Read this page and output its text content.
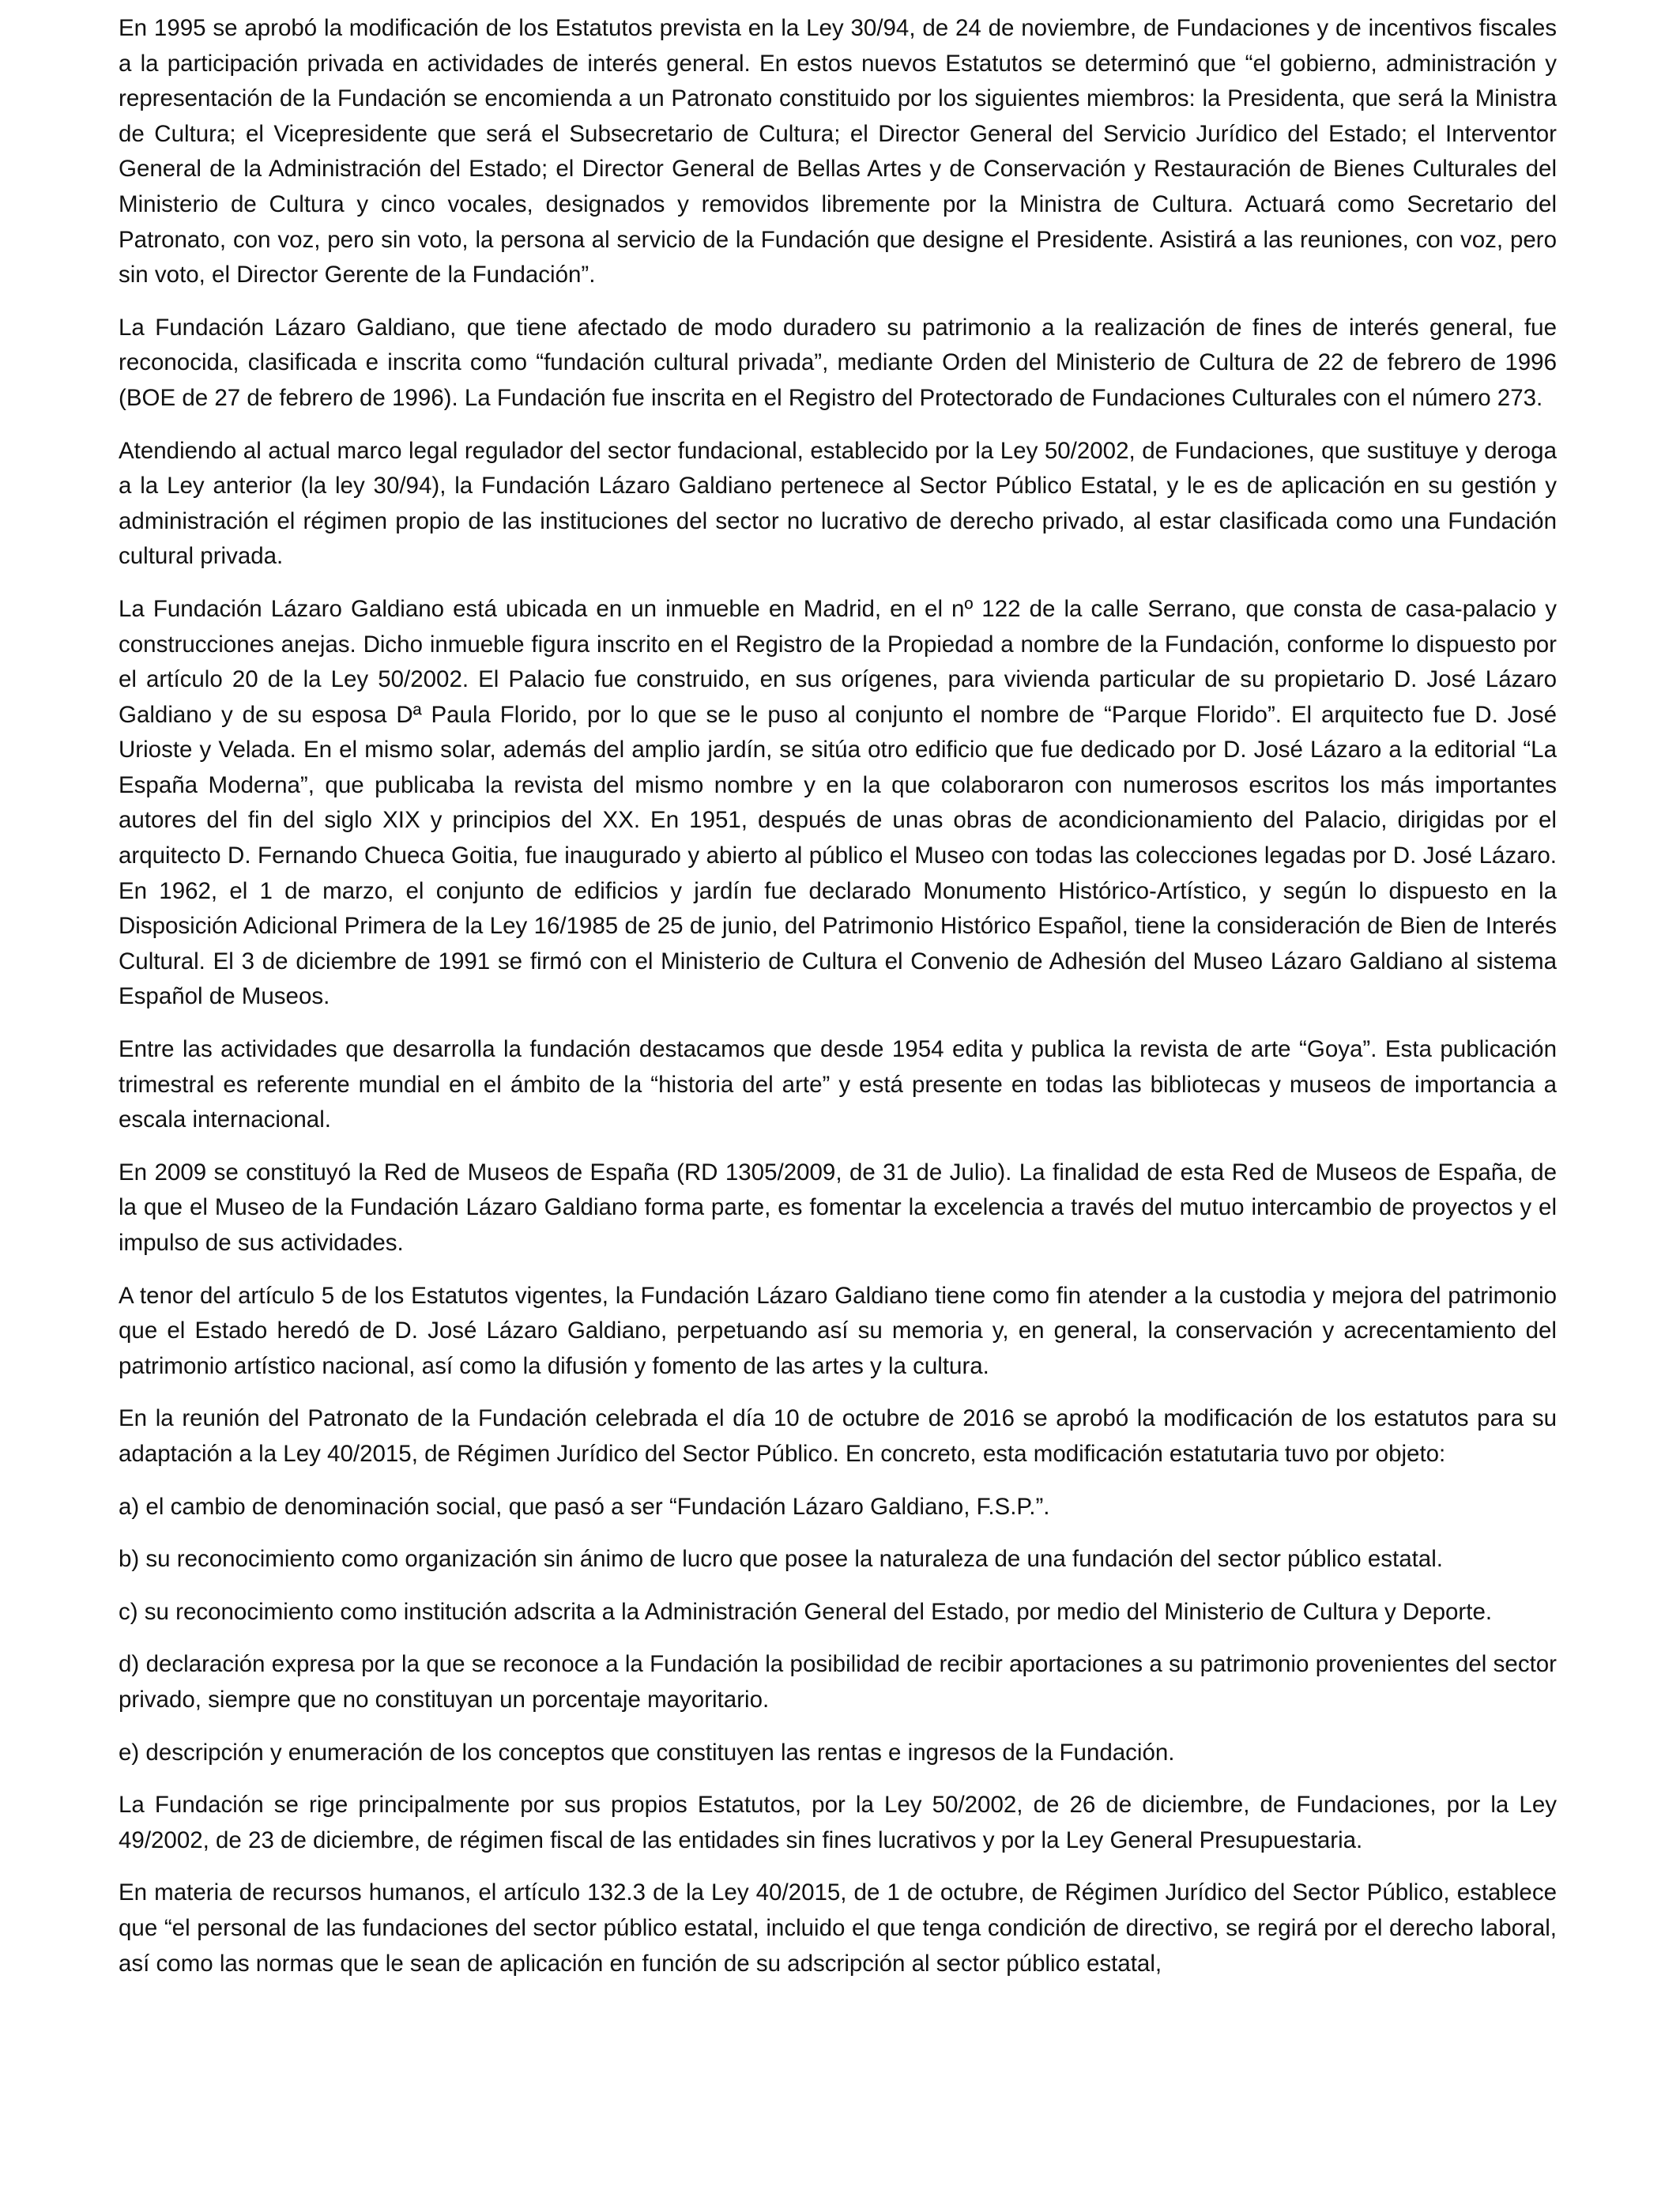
En 1995 se aprobó la modificación de los Estatutos prevista en la Ley 30/94, de 24 de noviembre, de Fundaciones y de incentivos fiscales a la participación privada en actividades de interés general. En estos nuevos Estatutos se determinó que “el gobierno, administración y representación de la Fundación se encomienda a un Patronato constituido por los siguientes miembros: la Presidenta, que será la Ministra de Cultura; el Vicepresidente que será el Subsecretario de Cultura; el Director General del Servicio Jurídico del Estado; el Interventor General de la Administración del Estado; el Director General de Bellas Artes y de Conservación y Restauración de Bienes Culturales del Ministerio de Cultura y cinco vocales, designados y removidos libremente por la Ministra de Cultura. Actuará como Secretario del Patronato, con voz, pero sin voto, la persona al servicio de la Fundación que designe el Presidente. Asistirá a las reuniones, con voz, pero sin voto, el Director Gerente de la Fundación”.

La Fundación Lázaro Galdiano, que tiene afectado de modo duradero su patrimonio a la realización de fines de interés general, fue reconocida, clasificada e inscrita como “fundación cultural privada”, mediante Orden del Ministerio de Cultura de 22 de febrero de 1996 (BOE de 27 de febrero de 1996). La Fundación fue inscrita en el Registro del Protectorado de Fundaciones Culturales con el número 273.

Atendiendo al actual marco legal regulador del sector fundacional, establecido por la Ley 50/2002, de Fundaciones, que sustituye y deroga a la Ley anterior (la ley 30/94), la Fundación Lázaro Galdiano pertenece al Sector Público Estatal, y le es de aplicación en su gestión y administración el régimen propio de las instituciones del sector no lucrativo de derecho privado, al estar clasificada como una Fundación cultural privada.

La Fundación Lázaro Galdiano está ubicada en un inmueble en Madrid, en el nº 122 de la calle Serrano, que consta de casa-palacio y construcciones anejas. Dicho inmueble figura inscrito en el Registro de la Propiedad a nombre de la Fundación, conforme lo dispuesto por el artículo 20 de la Ley 50/2002. El Palacio fue construido, en sus orígenes, para vivienda particular de su propietario D. José Lázaro Galdiano y de su esposa Dª Paula Florido, por lo que se le puso al conjunto el nombre de “Parque Florido”. El arquitecto fue D. José Urioste y Velada. En el mismo solar, además del amplio jardín, se sitúa otro edificio que fue dedicado por D. José Lázaro a la editorial “La España Moderna”, que publicaba la revista del mismo nombre y en la que colaboraron con numerosos escritos los más importantes autores del fin del siglo XIX y principios del XX. En 1951, después de unas obras de acondicionamiento del Palacio, dirigidas por el arquitecto D. Fernando Chueca Goitia, fue inaugurado y abierto al público el Museo con todas las colecciones legadas por D. José Lázaro. En 1962, el 1 de marzo, el conjunto de edificios y jardín fue declarado Monumento Histórico-Artístico, y según lo dispuesto en la Disposición Adicional Primera de la Ley 16/1985 de 25 de junio, del Patrimonio Histórico Español, tiene la consideración de Bien de Interés Cultural. El 3 de diciembre de 1991 se firmó con el Ministerio de Cultura el Convenio de Adhesión del Museo Lázaro Galdiano al sistema Español de Museos.

Entre las actividades que desarrolla la fundación destacamos que desde 1954 edita y publica la revista de arte “Goya”. Esta publicación trimestral es referente mundial en el ámbito de la “historia del arte” y está presente en todas las bibliotecas y museos de importancia a escala internacional.

En 2009 se constituyó la Red de Museos de España (RD 1305/2009, de 31 de Julio). La finalidad de esta Red de Museos de España, de la que el Museo de la Fundación Lázaro Galdiano forma parte, es fomentar la excelencia a través del mutuo intercambio de proyectos y el impulso de sus actividades.

A tenor del artículo 5 de los Estatutos vigentes, la Fundación Lázaro Galdiano tiene como fin atender a la custodia y mejora del patrimonio que el Estado heredó de D. José Lázaro Galdiano, perpetuando así su memoria y, en general, la conservación y acrecentamiento del patrimonio artístico nacional, así como la difusión y fomento de las artes y la cultura.

En la reunión del Patronato de la Fundación celebrada el día 10 de octubre de 2016 se aprobó la modificación de los estatutos para su adaptación a la Ley 40/2015, de Régimen Jurídico del Sector Público. En concreto, esta modificación estatutaria tuvo por objeto:

a) el cambio de denominación social, que pasó a ser “Fundación Lázaro Galdiano, F.S.P.”.

b) su reconocimiento como organización sin ánimo de lucro que posee la naturaleza de una fundación del sector público estatal.

c) su reconocimiento como institución adscrita a la Administración General del Estado, por medio del Ministerio de Cultura y Deporte.

d) declaración expresa por la que se reconoce a la Fundación la posibilidad de recibir aportaciones a su patrimonio provenientes del sector privado, siempre que no constituyan un porcentaje mayoritario.

e) descripción y enumeración de los conceptos que constituyen las rentas e ingresos de la Fundación.

La Fundación se rige principalmente por sus propios Estatutos, por la Ley 50/2002, de 26 de diciembre, de Fundaciones, por la Ley 49/2002, de 23 de diciembre, de régimen fiscal de las entidades sin fines lucrativos y por la Ley General Presupuestaria.

En materia de recursos humanos, el artículo 132.3 de la Ley 40/2015, de 1 de octubre, de Régimen Jurídico del Sector Público, establece que “el personal de las fundaciones del sector público estatal, incluido el que tenga condición de directivo, se regirá por el derecho laboral, así como las normas que le sean de aplicación en función de su adscripción al sector público estatal,
